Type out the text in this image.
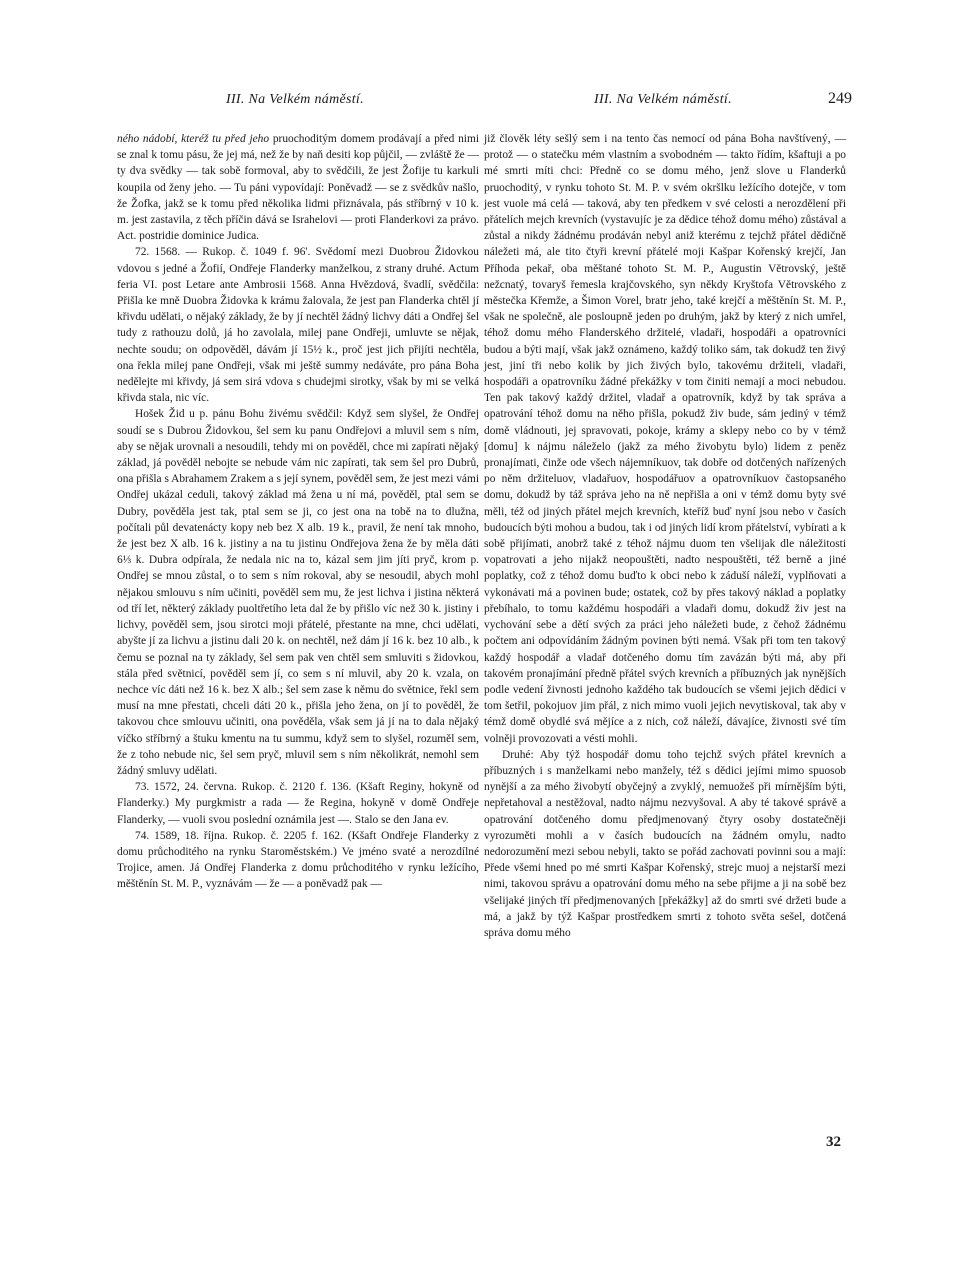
III. Na Velkém náměstí.	III. Na Velkém náměstí.	249

ného nádobí, kteréž tu před jeho pruochoditým domem prodávají a před nimi se znal k tomu pásu, že jej má, než že by naň desiti kop půjčil, — zvláště že — ty dva svědky — tak sobě formoval, aby to svědčili, že jest Žofije tu karkuli koupila od ženy jeho. — Tu páni vypovídají: Poněvadž — se z svědkův našlo, že Žofka, jakž se k tomu před několika lidmi přiznávala, pás stříbrný v 10 k. m. jest zastavila, z těch příčin dává se Israhelovi — proti Flanderkovi za právo. Act. postridie dominice Judica.

72. 1568. — Rukop. č. 1049 f. 96'. Svědomí mezi Duobrou Židovkou vdovou s jedné a Žofií, Ondřeje Flanderky manželkou, z strany druhé. Actum feria VI. post Letare ante Ambrosii 1568. Anna Hvězdová, švadlí, svědčila: Přišla ke mně Duobra Židovka k krámu žalovala, že jest pan Flanderka chtěl jí křivdu udělati, o nějaký základy, že by jí nechtěl žádný lichvy dáti a Ondřej šel tudy z rathouzu dolů, já ho zavolala, milej pane Ondřeji, umluvte se nějak, nechte soudu; on odpověděl, dávám jí 15½ k., proč jest jich přijíti nechtěla, ona řekla milej pane Ondřeji, však mi ještě summy nedáváte, pro pána Boha nedělejte mi křivdy, já sem sirá vdova s chudejmi sirotky, však by mi se velká křivda stala, nic víc.

Hošek Žid u p. pánu Bohu živému svědčil: Když sem slyšel, že Ondřej soudí se s Dubrou Židovkou, šel sem ku panu Ondřejovi a mluvil sem s ním, aby se nějak urovnali a nesoudili, tehdy mi on pověděl, chce mi zapírati nějaký základ, já pověděl nebojte se nebude vám nic zapírati, tak sem šel pro Dubrů, ona přišla s Abrahamem Zrakem a s její synem, pověděl sem, že jest mezi vámi Ondřej ukázal ceduli, takový základ má žena u ní má, pověděl, ptal sem se Dubry, pověděla jest tak, ptal sem se ji, co jest ona na tobě na to dlužna, počítali půl devatenácty kopy neb bez X alb. 19 k., pravil, že není tak mnoho, že jest bez X alb. 16 k. jistiny a na tu jistinu Ondřejova žena že by měla dáti 6⅓ k. Dubra odpírala, že nedala nic na to, kázal sem jim jíti pryč, krom p. Ondřej se mnou zůstal, o to sem s ním rokoval, aby se nesoudil, abych mohl nějakou smlouvu s ním učiniti, pověděl sem mu, že jest lichva i jistina některá od tří let, některý základy puoltřetího leta dal že by přišlo víc než 30 k. jistiny i lichvy, pověděl sem, jsou sirotci moji přátelé, přestante na mne, chci udělati, abyšte jí za lichvu a jistinu dali 20 k. on nechtěl, než dám jí 16 k. bez 10 alb., k čemu se poznal na ty základy, šel sem pak ven chtěl sem smluviti s židovkou, stála před světnicí, pověděl sem jí, co sem s ní mluvil, aby 20 k. vzala, on nechce víc dáti než 16 k. bez X alb.; šel sem zase k němu do světnice, řekl sem musí na mne přestati, chceli dáti 20 k., přišla jeho žena, on jí to pověděl, že takovou chce smlouvu učiniti, ona pověděla, však sem já jí na to dala nějaký víčko stříbrný a štuku kmentu na tu summu, když sem to slyšel, rozuměl sem, že z toho nebude nic, šel sem pryč, mluvil sem s ním několikrát, nemohl sem žádný smluvy udělati.

73. 1572, 24. června. Rukop. č. 2120 f. 136. (Kšaft Reginy, hokyně od Flanderky.) My purgkmistr a rada — že Regina, hokyně v domě Ondřeje Flanderky, — vuoli svou poslední oznámila jest —. Stalo se den Jana ev.

74. 1589, 18. října. Rukop. č. 2205 f. 162. (Kšaft Ondřeje Flanderky z domu průchoditého na rynku Staroměstském.) Ve jméno svaté a nerozdílné Trojice, amen. Já Ondřej Flanderka z domu průchoditého v rynku ležícího, měštěnín St. M. P., vyznávám — že — a poněvadž pak —

již člověk léty sešlý sem i na tento čas nemocí od pána Boha navštívený, — protož — o statečku mém vlastním a svobodném — takto řídím, kšaftuji a po mé smrti míti chci: Předně co se domu mého, jenž slove u Flanderků pruochoditý, v rynku tohoto St. M. P. v svém okršlku ležícího dotejče, v tom jest vuole má celá — taková, aby ten předkem v své celosti a nerozdělení při přátelích mejch krevních (vystavujíc je za dědice téhož domu mého) zůstával a zůstal a nikdy žádnému prodáván nebyl aniž kterému z tejchž přátel dědičně náležeti má, ale tito čtyři krevní přátelé moji Kašpar Kořenský krejčí, Jan Příhoda pekař, oba měštané tohoto St. M. P., Augustin Větrovský, ještě nežcnatý, tovaryš řemesla krajčovského, syn někdy Kryštofa Větrovského z městečka Křemže, a Šimon Vorel, bratr jeho, také krejčí a měštěnín St. M. P., však ne společně, ale posloupně jeden po druhým, jakž by který z nich umřel, téhož domu mého Flanderského držitelé, vladaři, hospodáři a opatrovníci budou a býti mají, však jakž oznámeno, každý toliko sám, tak dokudž ten živý jest, jiní tři nebo kolik by jich živých bylo, takovému držiteli, vladaři, hospodáři a opatrovníku žádné překážky v tom činiti nemají a moci nebudou. Ten pak takový každý držitel, vladař a opatrovník, když by tak správa a opatrování téhož domu na něho přišla, pokudž živ bude, sám jediný v témž domě vládnouti, jej spravovati, pokoje, krámy a sklepy nebo co by v témž [domu] k nájmu náleželo (jakž za mého živobytu bylo) lidem z peněz pronajímati, činže ode všech nájemníkuov, tak dobře od dotčených nařízených po něm držiteluov, vladařuov, hospodářuov a opatrovníkuov častopsaného domu, dokudž by táž správa jeho na ně nepřišla a oni v témž domu byty své měli, též od jiných přátel mejch krevních, kteříž buď nyní jsou nebo v časích budoucích býti mohou a budou, tak i od jiných lidí krom přátelství, vybírati a k sobě přijímati, anobrž také z téhož nájmu duom ten všelijak dle náležitosti vopatrovati a jeho nijakž neopouštěti, nadto nespouštěti, též berně a jiné poplatky, což z téhož domu buďto k obci nebo k záduší náleží, vyplňovati a vykonávati má a povinen bude; ostatek, což by přes takový náklad a poplatky přebíhalo, to tomu každému hospodáři a vladaři domu, dokudž živ jest na vychování sebe a dětí svých za práci jeho náležeti bude, z čehož žádnému počtem ani odpovídáním žádným povinen býti nemá. Však při tom ten takový každý hospodář a vladař dotčeného domu tím zavázán býti má, aby při takovém pronajímání předně přátel svých krevních a příbuzných jak nynějších podle vedení živnosti jednoho každého tak budoucích se všemi jejich dědici v tom šetřil, pokojuov jim přál, z nich mimo vuoli jejich nevytiskoval, tak aby v témž domě obydlé svá mějíce a z nich, což náleží, dávajíce, živnosti své tím volněji provozovati a vésti mohli.

Druhé: Aby týž hospodář domu toho tejchž svých přátel krevních a příbuzných i s manželkami nebo manžely, též s dědici jejími mimo spuosob nynější a za mého živobytí obyčejný a zvyklý, nemuožeš při mírnějším býti, nepřetahoval a nestěžoval, nadto nájmu nezvyšoval. A aby té takové správě a opatrování dotčeného domu předjmenovaný čtyry osoby dostatečněji vyrozuměti mohli a v časích budoucích na žádném omylu, nadto nedorozumění mezi sebou nebyli, takto se pořád zachovati povinni sou a mají: Přede všemi hned po mé smrti Kašpar Kořenský, strejc muoj a nejstarší mezi nimi, takovou správu a opatrování domu mého na sebe přijme a ji na sobě bez všelijaké jiných tří předjmenovaných [překážky] až do smrti své držeti bude a má, a jakž by týž Kašpar prostředkem smrti z tohoto světa sešel, dotčená správa domu mého

32
